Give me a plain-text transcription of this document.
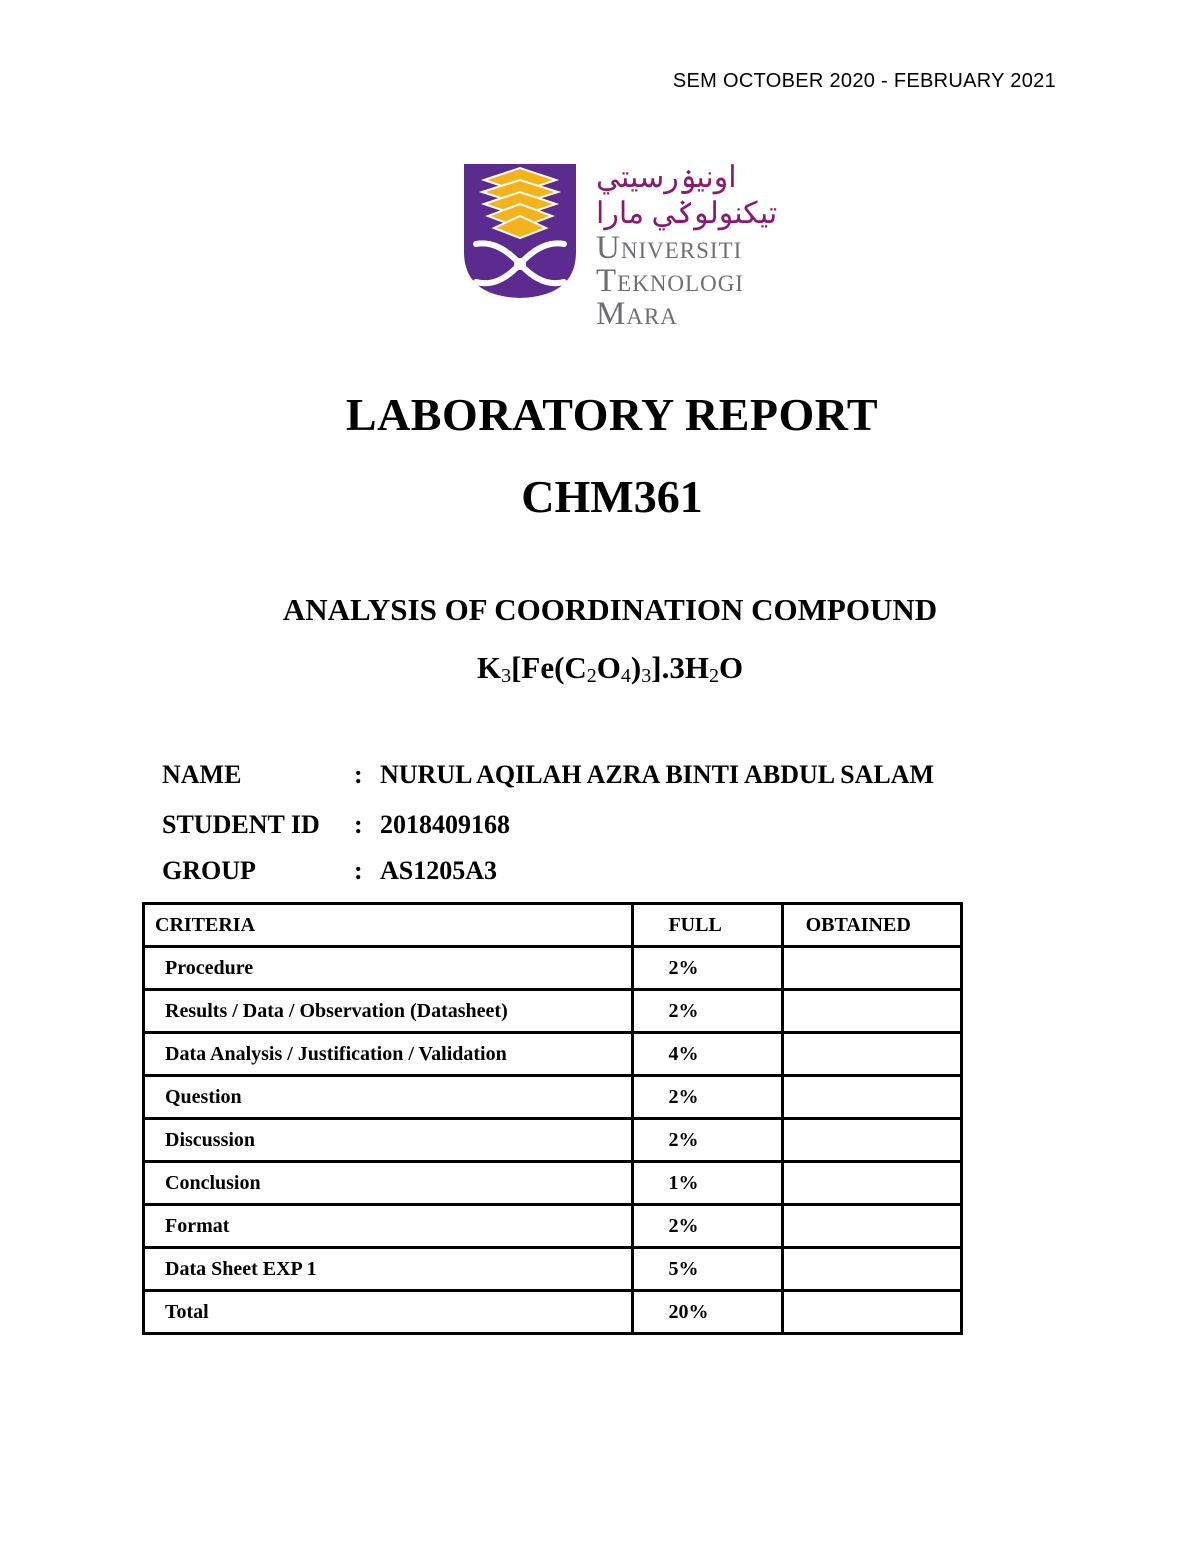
SEM OCTOBER 2020 - FEBRUARY 2021
اونيۏرسيتي تيكنولوݢي مارا
Universiti
Teknologi
Mara
LABORATORY REPORT
CHM361
ANALYSIS OF COORDINATION COMPOUND
$K_3[Fe(C_2O_4)_3].3H_2O$
NAME	: NURUL AQILAH AZRA BINTI ABDUL SALAM
STUDENT ID : 2018409168
GROUP	: AS1205A3
CRITERIA	FULL	OBTAINED
Procedure	2%	
Results / Data / Observation (Datasheet)	2%	
Data Analysis / Justification / Validation	4%	
Question	2%	
Discussion	2%	
Conclusion	1%	
Format	2%	
Data Sheet EXP 1	5%	
Total	20%	
